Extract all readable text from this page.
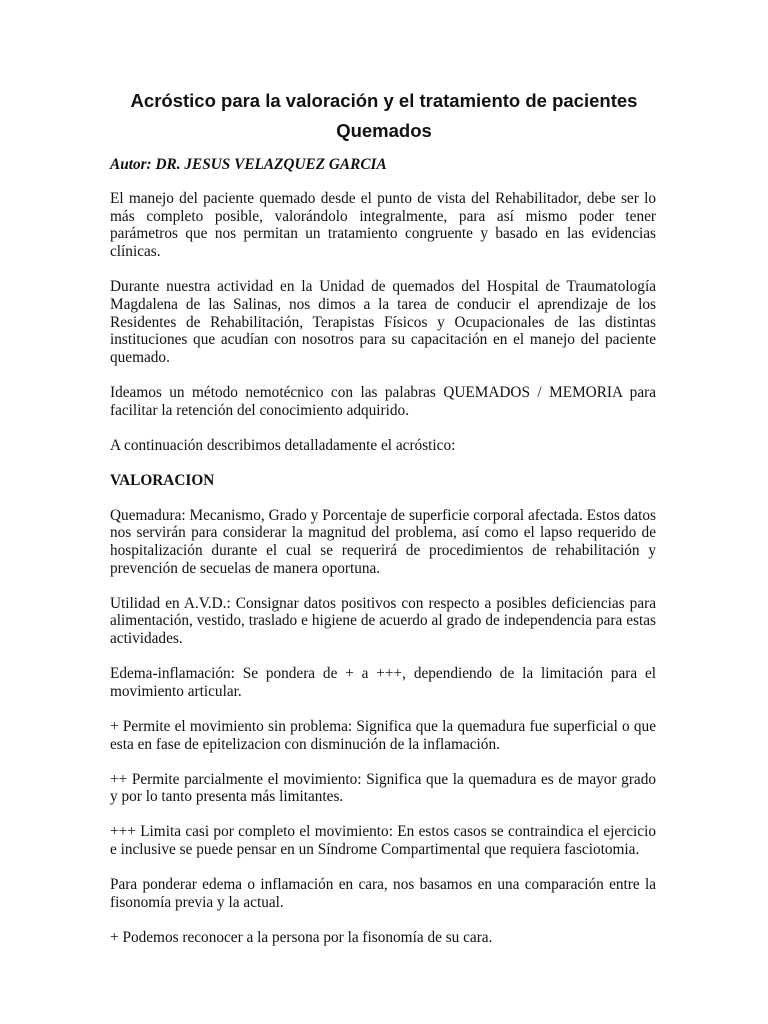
Acróstico para la valoración y el tratamiento de pacientes Quemados
Autor: DR. JESUS VELAZQUEZ GARCIA

El manejo del paciente quemado desde el punto de vista del Rehabilitador, debe ser lo más completo posible, valorándolo integralmente, para así mismo poder tener parámetros que nos permitan un tratamiento congruente y basado en las evidencias clínicas.

Durante nuestra actividad en la Unidad de quemados del Hospital de Traumatología Magdalena de las Salinas, nos dimos a la tarea de conducir el aprendizaje de los Residentes de Rehabilitación, Terapistas Físicos y Ocupacionales de las distintas instituciones que acudían con nosotros para su capacitación en el manejo del paciente quemado.

Ideamos un método nemotécnico con las palabras QUEMADOS / MEMORIA para facilitar la retención del conocimiento adquirido.

A continuación describimos detalladamente el acróstico:

VALORACION

Quemadura: Mecanismo, Grado y Porcentaje de superficie corporal afectada. Estos datos nos servirán para considerar la magnitud del problema, así como el lapso requerido de hospitalización durante el cual se requerirá de procedimientos de rehabilitación y prevención de secuelas de manera oportuna.

Utilidad en A.V.D.: Consignar datos positivos con respecto a posibles deficiencias para alimentación, vestido, traslado e higiene de acuerdo al grado de independencia para estas actividades.

Edema-inflamación: Se pondera de + a +++, dependiendo de la limitación para el movimiento articular.

+ Permite el movimiento sin problema: Significa que la quemadura fue superficial o que esta en fase de epitelizacion con disminución de la inflamación.

++ Permite parcialmente el movimiento: Significa que la quemadura es de mayor grado y por lo tanto presenta más limitantes.

+++ Limita casi por completo el movimiento: En estos casos se contraindica el ejercicio e inclusive se puede pensar en un Síndrome Compartimental que requiera fasciotomia.

Para ponderar edema o inflamación en cara, nos basamos en una comparación entre la fisonomía previa y la actual.

+ Podemos reconocer a la persona por la fisonomía de su cara.
